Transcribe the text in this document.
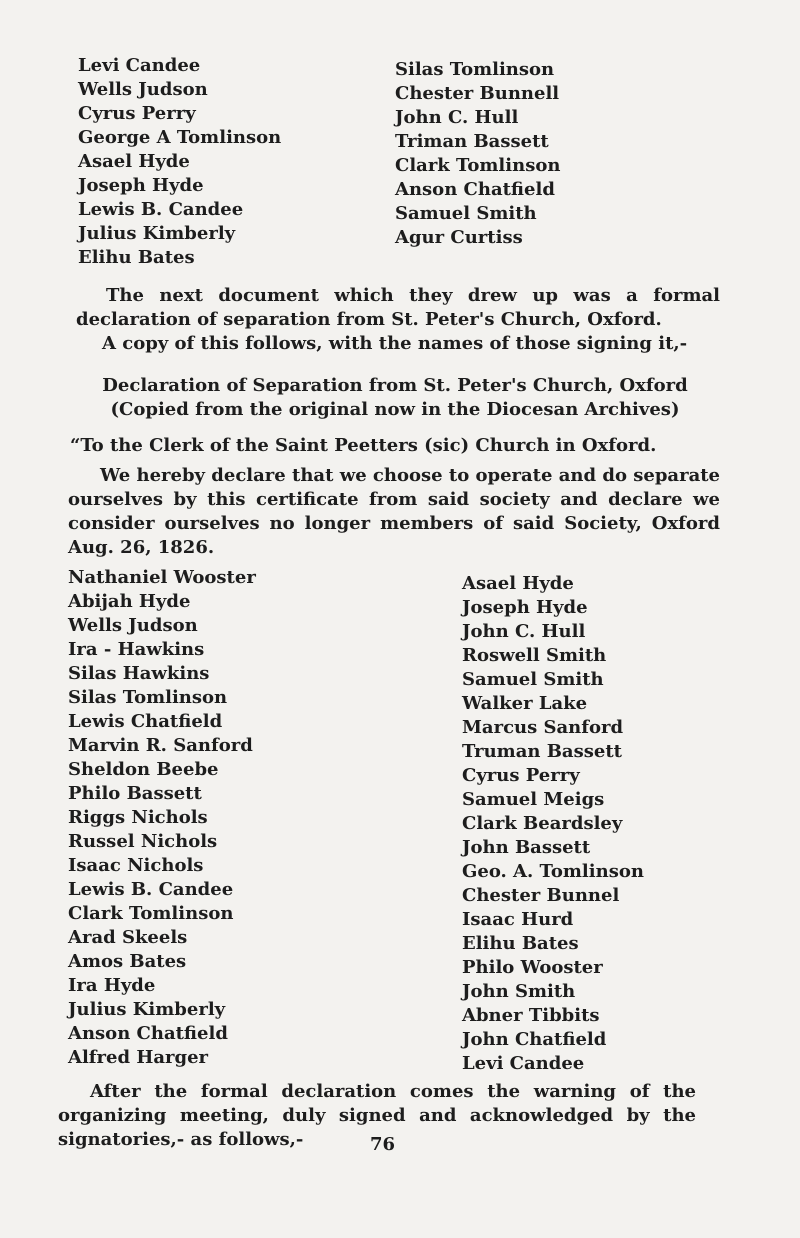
Levi Candee
Wells Judson
Cyrus Perry
George A Tomlinson
Asael Hyde
Joseph Hyde
Lewis B. Candee
Julius Kimberly
Elihu Bates
Silas Tomlinson
Chester Bunnell
John C. Hull
Triman Bassett
Clark Tomlinson
Anson Chatfield
Samuel Smith
Agur Curtiss

The next document which they drew up was a formal declaration of separation from St. Peter's Church, Oxford.

A copy of this follows, with the names of those signing it,-

Declaration of Separation from St. Peter's Church, Oxford

(Copied from the original now in the Diocesan Archives)

“To the Clerk of the Saint Peetters (sic) Church in Oxford.

We hereby declare that we choose to operate and do separate ourselves by this certificate from said society and declare we consider ourselves no longer members of said Society, Oxford Aug. 26, 1826.

Nathaniel Wooster
Abijah Hyde
Wells Judson
Ira - Hawkins
Silas Hawkins
Silas Tomlinson
Lewis Chatfield
Marvin R. Sanford
Sheldon Beebe
Philo Bassett
Riggs Nichols
Russel Nichols
Isaac Nichols
Lewis B. Candee
Clark Tomlinson
Arad Skeels
Amos Bates
Ira Hyde
Julius Kimberly
Anson Chatfield
Alfred Harger
Asael Hyde
Joseph Hyde
John C. Hull
Roswell Smith
Samuel Smith
Walker Lake
Marcus Sanford
Truman Bassett
Cyrus Perry
Samuel Meigs
Clark Beardsley
John Bassett
Geo. A. Tomlinson
Chester Bunnel
Isaac Hurd
Elihu Bates
Philo Wooster
John Smith
Abner Tibbits
John Chatfield
Levi Candee

After the formal declaration comes the warning of the organizing meeting, duly signed and acknowledged by the signatories,- as follows,-	76
